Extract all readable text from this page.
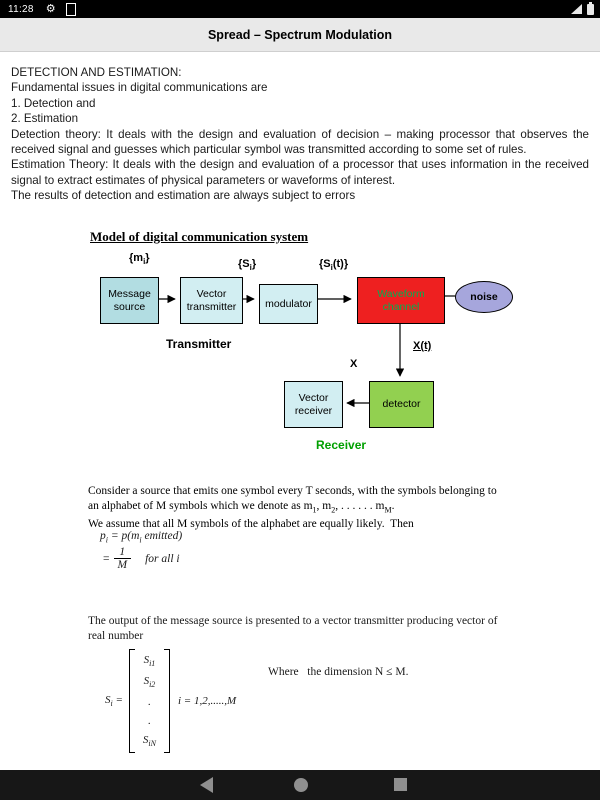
11:28 ⚙
Spread – Spectrum Modulation
DETECTION AND ESTIMATION:
Fundamental issues in digital communications are
1. Detection and
2. Estimation

Detection theory: It deals with the design and evaluation of decision – making processor that observes the received signal and guesses which particular symbol was transmitted according to some set of rules.

Estimation Theory: It deals with the design and evaluation of a processor that uses information in the received signal to extract estimates of physical parameters or waveforms of interest.

The results of detection and estimation are always subject to errors
Model of digital communication system
$\{m_i\}$	$\{S_i\}$	$\{S_i(t)\}$
Message
source
Vector
transmitter	modulator
Waveform
channel
noise
Transmitter	X(t)
X
Vector
receiver
detector
Receiver
Consider a source that emits one symbol every T seconds, with the symbols belonging to
an alphabet of M symbols which we denote as $m_1$, $m_2$, . . . . . . $m_M$.
We assume that all M symbols of the alphabet are equally likely.  Then
$p_i = p(m_i$ emitted)
= $\frac{1}{M}$ for all i
The output of the message source is presented to a vector transmitter producing vector of
real number
$S_i$ =
$S_{i1}$
$S_{i2}$
.
.
$S_{iN}$
i = 1,2,.....,M
Where   the dimension N ≤ M.
